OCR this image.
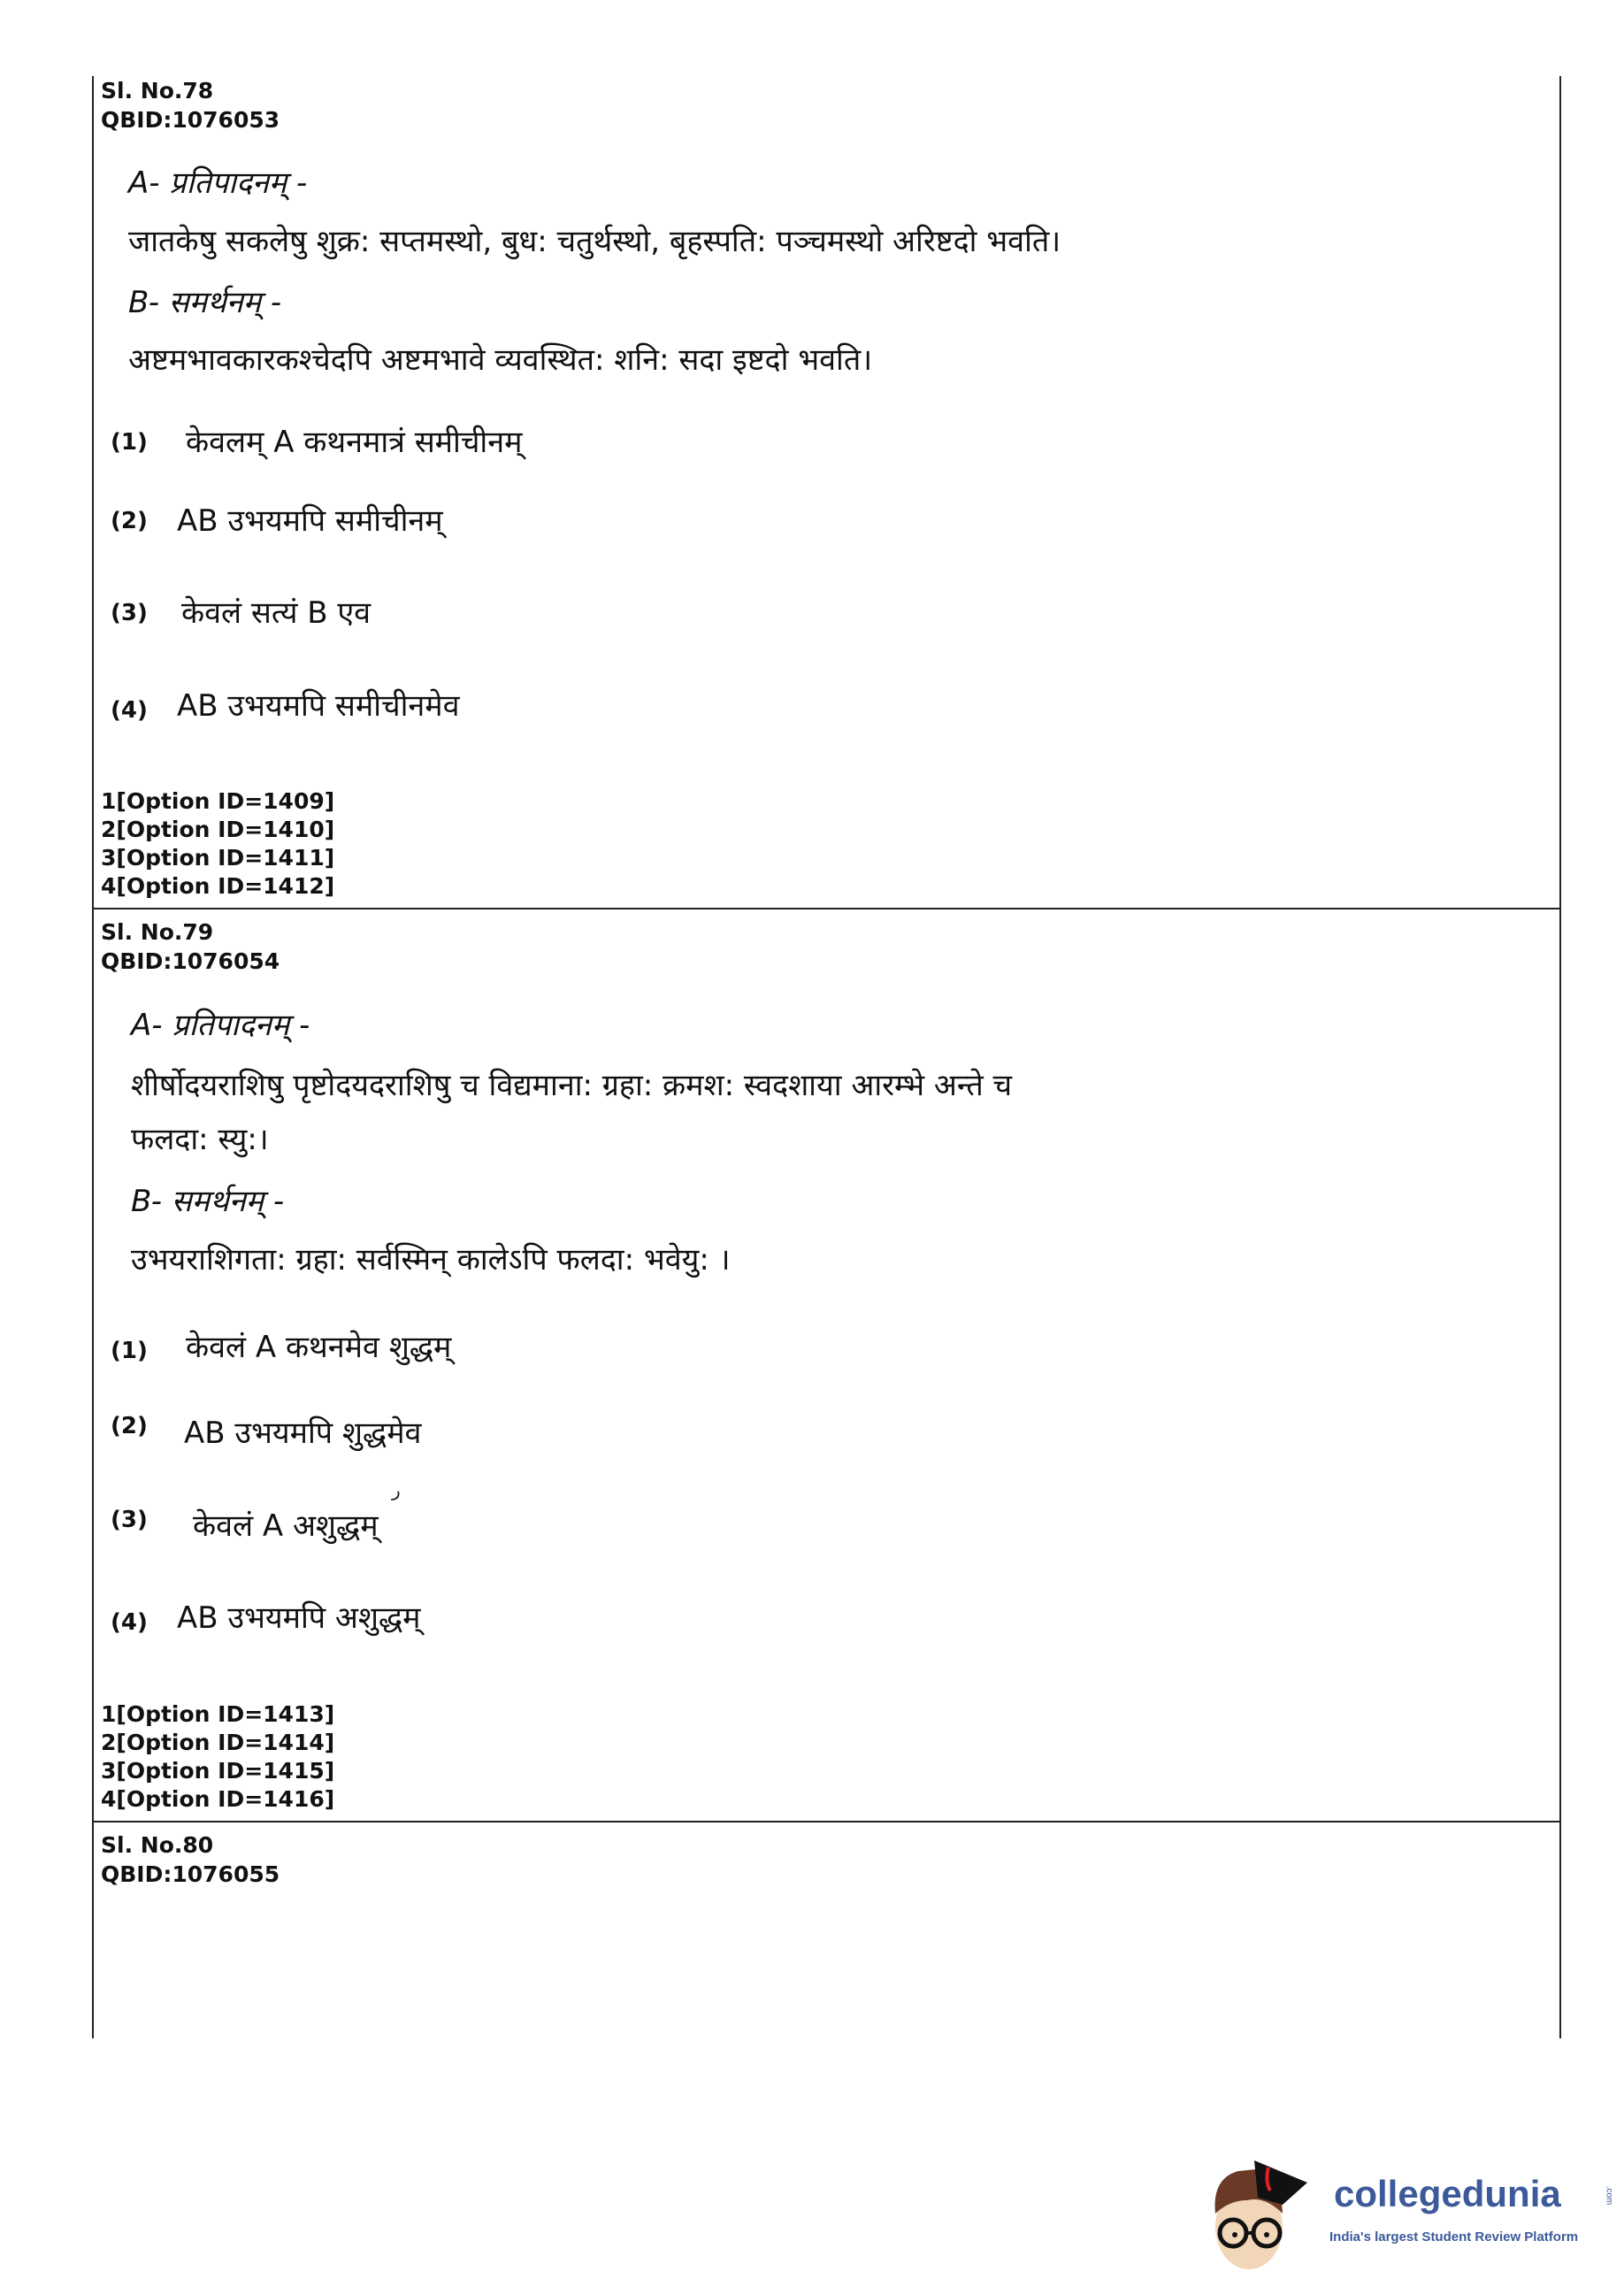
Sl. No.78
QBID:1076053
A- प्रतिपादनम् -
जातकेषु सकलेषु शुक्र: सप्तमस्थो, बुध: चतुर्थस्थो, बृहस्पति: पञ्चमस्थो अरिष्टदो भवति।
B- समर्थनम् -
अष्टमभावकारकश्चेदपि अष्टमभावे व्यवस्थित: शनि: सदा इष्टदो भवति।
(1) केवलम् A कथनमात्रं समीचीनम्
(2) AB उभयमपि समीचीनम्
(3) केवलं सत्यं B एव
(4) AB उभयमपि समीचीनमेव
1[Option ID=1409]
2[Option ID=1410]
3[Option ID=1411]
4[Option ID=1412]
Sl. No.79
QBID:1076054
A- प्रतिपादनम् -
शीर्षोदयराशिषु पृष्टोदयदराशिषु च विद्यमाना: ग्रहा: क्रमश: स्वदशाया आरम्भे अन्ते च
फलदा: स्यु:।
B- समर्थनम् -
उभयराशिगता: ग्रहा: सर्वस्मिन् कालेऽपि फलदा: भवेयु: ।
(1) केवलं A कथनमेव शुद्धम्
(2) AB उभयमपि शुद्धमेव
ر
(3) केवलं A अशुद्धम्
(4) AB उभयमपि अशुद्धम्
1[Option ID=1413]
2[Option ID=1414]
3[Option ID=1415]
4[Option ID=1416]
Sl. No.80
QBID:1076055
collegedunia	.com
India's largest Student Review Platform
